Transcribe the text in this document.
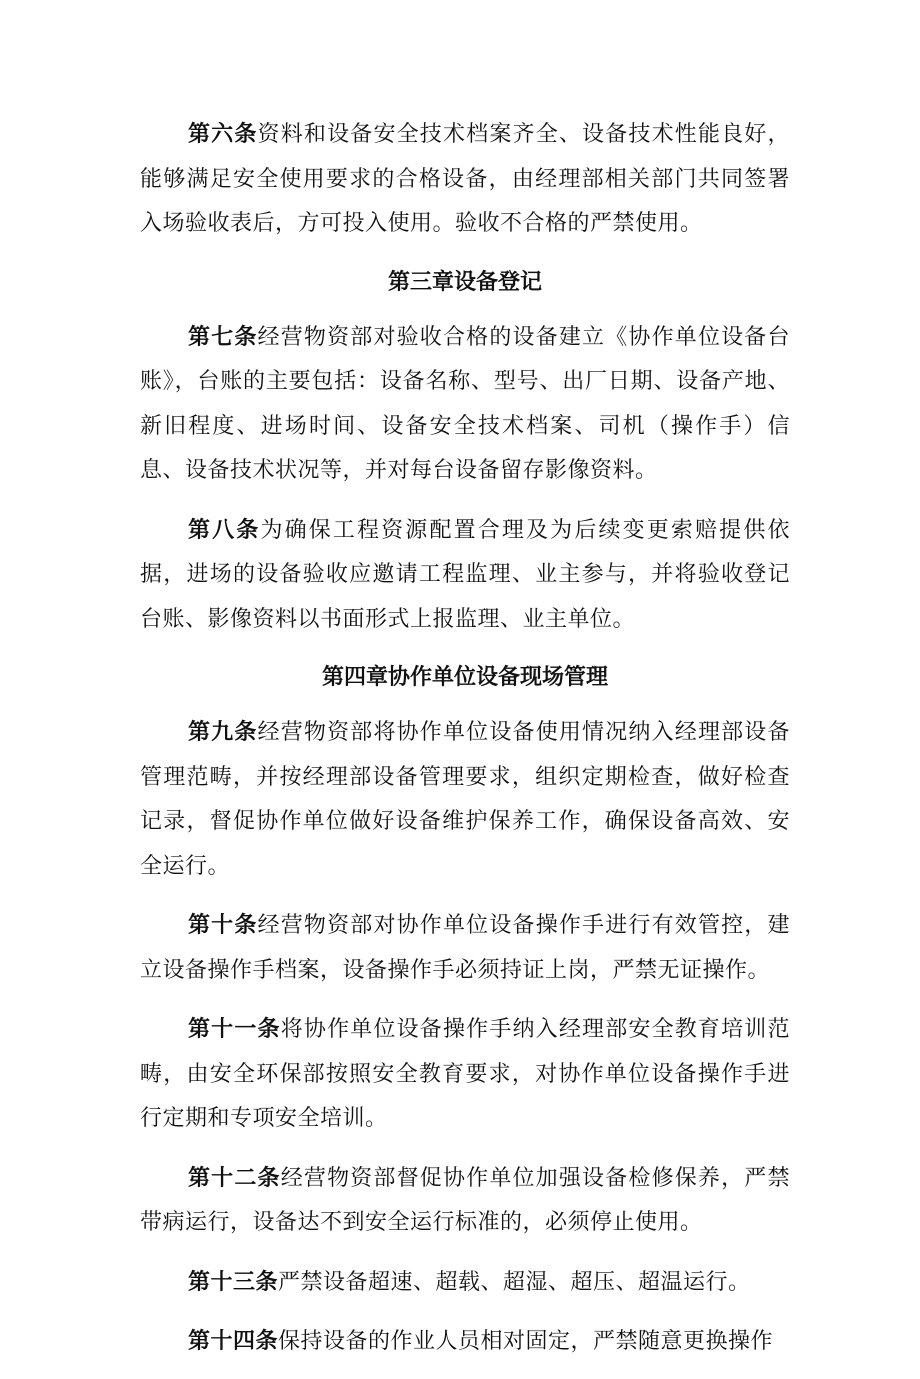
第六条资料和设备安全技术档案齐全、设备技术性能良好，能够满足安全使用要求的合格设备，由经理部相关部门共同签署入场验收表后，方可投入使用。验收不合格的严禁使用。

第三章设备登记

第七条经营物资部对验收合格的设备建立《协作单位设备台账》，台账的主要包括：设备名称、型号、出厂日期、设备产地、新旧程度、进场时间、设备安全技术档案、司机（操作手）信息、设备技术状况等，并对每台设备留存影像资料。

第八条为确保工程资源配置合理及为后续变更索赔提供依据，进场的设备验收应邀请工程监理、业主参与，并将验收登记台账、影像资料以书面形式上报监理、业主单位。

第四章协作单位设备现场管理

第九条经营物资部将协作单位设备使用情况纳入经理部设备管理范畴，并按经理部设备管理要求，组织定期检查，做好检查记录，督促协作单位做好设备维护保养工作，确保设备高效、安全运行。

第十条经营物资部对协作单位设备操作手进行有效管控，建立设备操作手档案，设备操作手必须持证上岗，严禁无证操作。

第十一条将协作单位设备操作手纳入经理部安全教育培训范畴，由安全环保部按照安全教育要求，对协作单位设备操作手进行定期和专项安全培训。

第十二条经营物资部督促协作单位加强设备检修保养，严禁带病运行，设备达不到安全运行标准的，必须停止使用。

第十三条严禁设备超速、超载、超湿、超压、超温运行。

第十四条保持设备的作业人员相对固定，严禁随意更换操作
